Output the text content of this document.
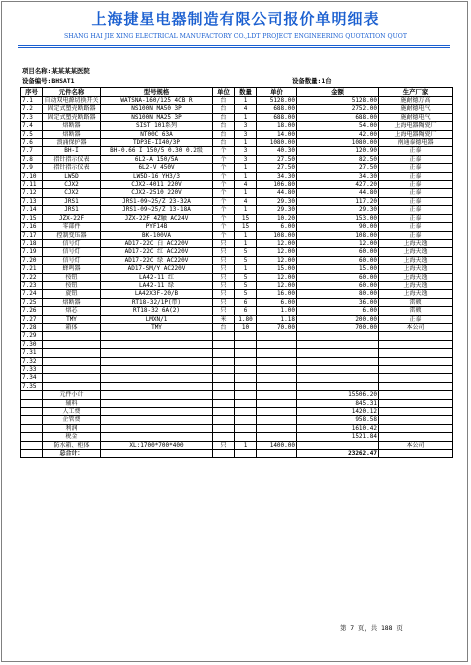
上海捷星电器制造有限公司报价单明细表
SHANG HAI JIE XING ELECTRICAL MANUFACTORY CO.,LDT PROJECT ENGINEERING QUOTATION QUOT
项目名称:某某某某医院
设备编号:BHSAT1	设备数量:1台
序号	元件名称	型号规格	单位	数量	单价	金额	生产厂家
7.1	自动双电源切换开关	WATSNA-160/125 4CB R	台	1	5128.00	5128.00	施耐德万高
7.2	固定式塑壳断路器	NS100N MA50 3P	台	4	688.00	2752.00	施耐德电气
7.3	固定式塑壳断路器	NS100N MA25 3P	台	1	688.00	688.00	施耐德电气
7.4	熔断器	SIST 101系列	台	3	18.00	54.00	上海电器陶瓷厂
7.5	熔断器	NT00C 63A	台	3	14.00	42.00	上海电器陶瓷厂
7.6	浪涌保护器	TDP3E-II40/3P	台	1	1080.00	1080.00	南通泰德电器
7.7	BH-I	BH-0.66 I 150/5 0.30 0.2级	个	3	40.30	120.90	正泰
7.8	指针指示仪表	6L2-A 150/5A	个	3	27.50	82.50	正泰
7.9	指针指示仪表	6L2-V 450V	个	1	27.50	27.50	正泰
7.10	LW5D	LW5D-16 YH3/3	个	1	34.30	34.30	正泰
7.11	CJX2	CJX2-4011 220V	个	4	106.80	427.20	正泰
7.12	CJX2	CJX2-2510 220V	个	1	44.80	44.80	正泰
7.13	JRS1	JRS1-09~25/Z 23-32A	个	4	29.30	117.20	正泰
7.14	JRS1	JRS1-09~25/Z 13-18A	个	1	29.30	29.30	正泰
7.15	JZX-22F	JZX-22F 4Z触 AC24V	个	15	10.20	153.00	正泰
7.16	零部件	PYF14B	个	15	6.00	90.00	正泰
7.17	控制变压器	BK-100VA	个	1	108.00	108.00	正泰
7.18	信号灯	AD17-22C 白 AC220V	只	1	12.00	12.00	上海天逸
7.19	信号灯	AD17-22C 红 AC220V	只	5	12.00	60.00	上海天逸
7.20	信号灯	AD17-22C 绿 AC220V	只	5	12.00	60.00	上海天逸
7.21	蜂鸣器	AD17-SM/Y AC220V	只	1	15.00	15.00	上海天逸
7.22	按钮	LA42-11 红	只	5	12.00	60.00	上海天逸
7.23	按钮	LA42-11 绿	只	5	12.00	60.00	上海天逸
7.24	旋钮	LA42X3F-20/B	只	5	16.00	80.00	上海天逸
7.25	熔断器	RT18-32/1P(带)	只	6	6.00	36.00	雷顿
7.26	熔芯	RT18-32 6A(2)	只	6	1.00	6.00	雷顿
7.27	TMY	LMXN/1	米	1.80	1.18	200.00	正泰
7.28	箱体	TMY	台	10	70.00	700.00	本公司
7.29							
7.30							
7.31							
7.32							
7.33							
7.34							
7.35							
	元件小计					15506.20	
	辅料					845.31	
	人工费					1420.12	
	企管费					958.58	
	利润					1610.42	
	税金					1521.84	
	防水箱、柜体	XL:1700*700*400	只	1	1400.00		本公司
	总合计：					23262.47	
第 7 页，共 188 页
